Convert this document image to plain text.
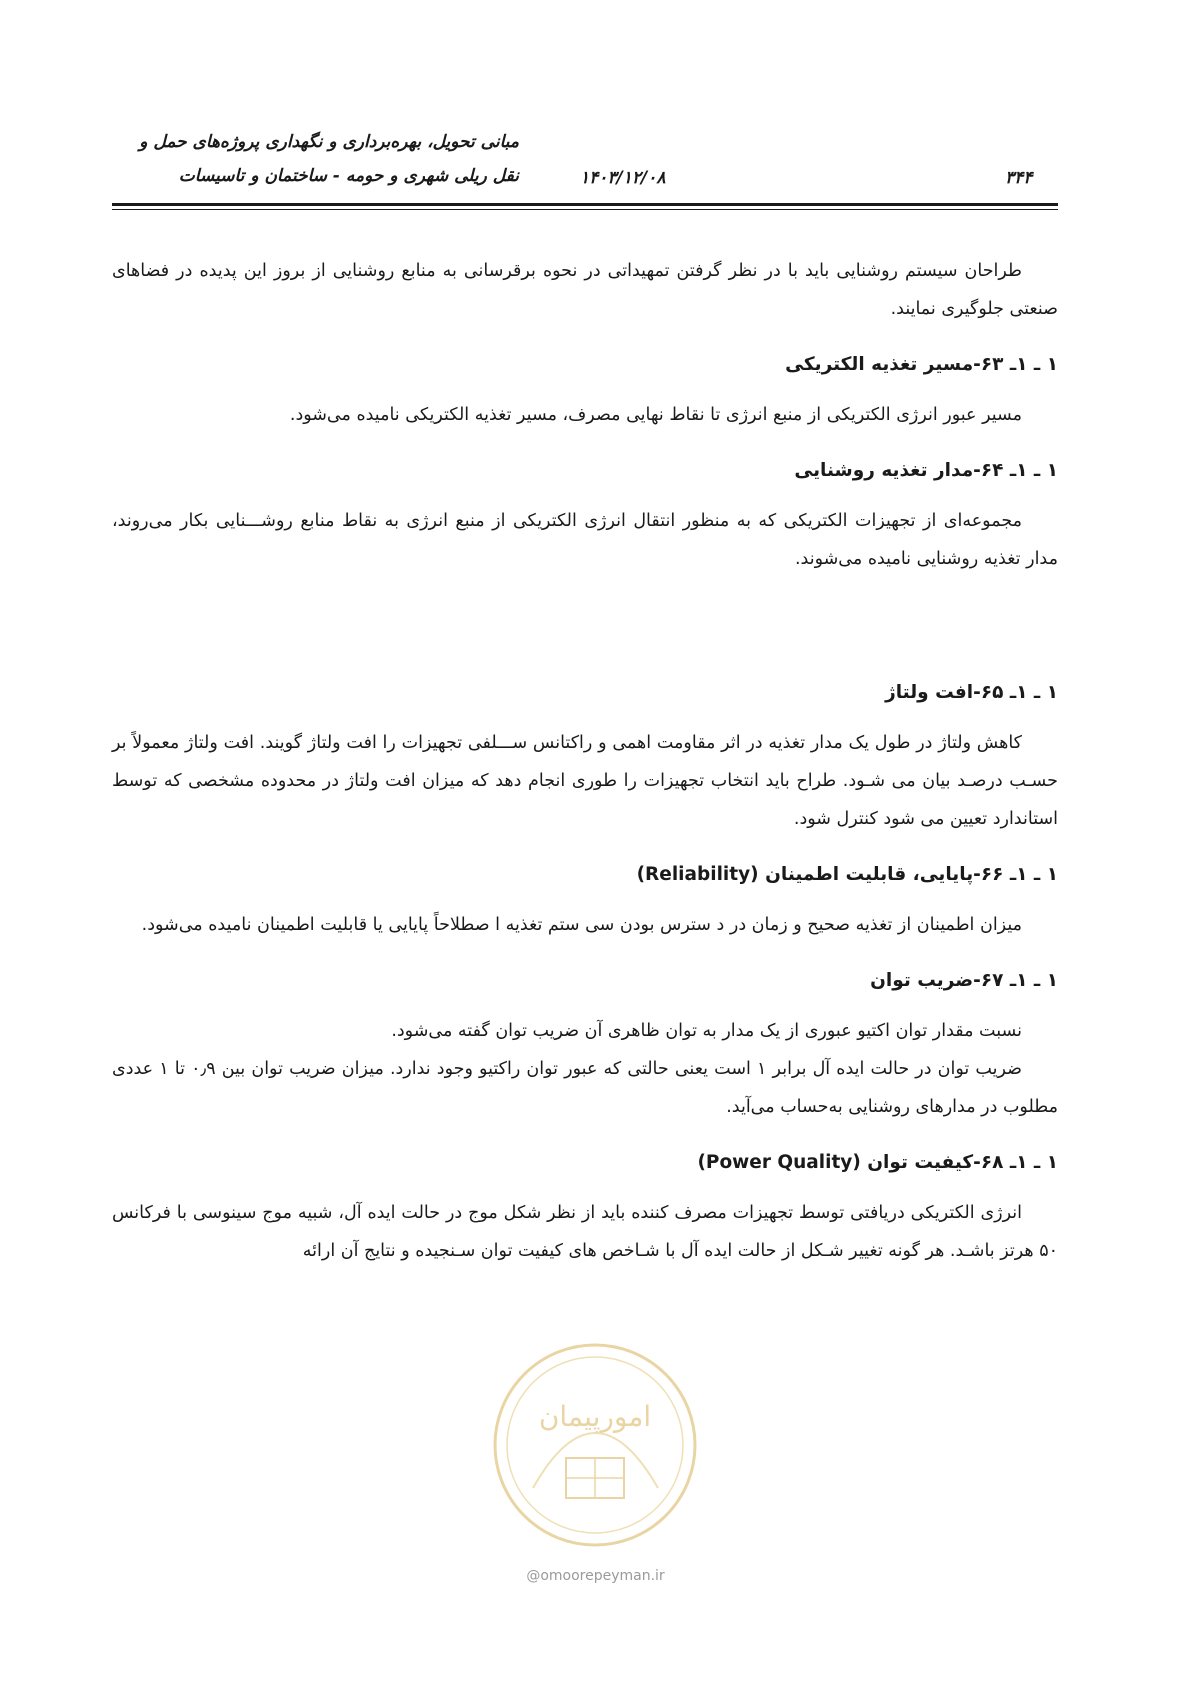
مبانی تحویل، بهره‌برداری و نگهداری پروژه‌های حمل و
نقل ریلی شهری و حومه - ساختمان و تاسیسات	۱۴۰۳/۱۲/۰۸	۳۴۴

طراحان سیستم روشنایی باید با در نظر گرفتن تمهیداتی در نحوه برقرسانی به منابع روشنایی از بروز این پدیده در فضاهای صنعتی جلوگیری نمایند.

۱ ـ ۱ـ ۶۳-مسیر تغذیه الکتریکی

مسیر عبور انرژی الکتریکی از منبع انرژی تا نقاط نهایی مصرف، مسیر تغذیه الکتریکی نامیده می‌شود.

۱ ـ ۱ـ ۶۴-مدار تغذیه روشنایی

مجموعه‌ای از تجهیزات الکتریکی که به منظور انتقال انرژی الکتریکی از منبع انرژی به نقاط منابع روشـــنایی بکار می‌روند، مدار تغذیه روشنایی نامیده می‌شوند.

۱ ـ ۱ـ ۶۵-افت ولتاژ

کاهش ولتاژ در طول یک مدار تغذیه در اثر مقاومت اهمی و راکتانس ســـلفی تجهیزات را افت ولتاژ گویند. افت ولتاژ معمولاً بر حسـب درصـد بیان می شـود. طراح باید انتخاب تجهیزات را طوری انجام دهد که میزان افت ولتاژ در محدوده مشخصی که توسط استاندارد تعیین می شود کنترل شود.

۱ ـ ۱ـ ۶۶-پایایی، قابلیت اطمینان (Reliability)

میزان اطمینان از تغذیه صحیح و زمان در د سترس بودن سی ستم تغذیه ا صطلاحاً پایایی یا قابلیت اطمینان نامیده می‌شود.

۱ ـ ۱ـ ۶۷-ضریب توان

نسبت مقدار توان اکتیو عبوری از یک مدار به توان ظاهری آن ضریب توان گفته می‌شود.

ضریب توان در حالت ایده آل برابر ۱ است یعنی حالتی که عبور توان راکتیو وجود ندارد. میزان ضریب توان بین ۰٫۹ تا ۱ عددی مطلوب در مدارهای روشنایی به‌حساب می‌آید.

۱ ـ ۱ـ ۶۸-کیفیت توان (Power Quality)

انرژی الکتریکی دریافتی توسط تجهیزات مصرف کننده باید از نظر شکل موج در حالت ایده آل، شبیه موج سینوسی با فرکانس ۵۰ هرتز باشـد. هر گونه تغییر شـکل از حالت ایده آل با شـاخص های کیفیت توان سـنجیده و نتایج آن ارائه

امورپیمان
@omoorepeyman.ir
